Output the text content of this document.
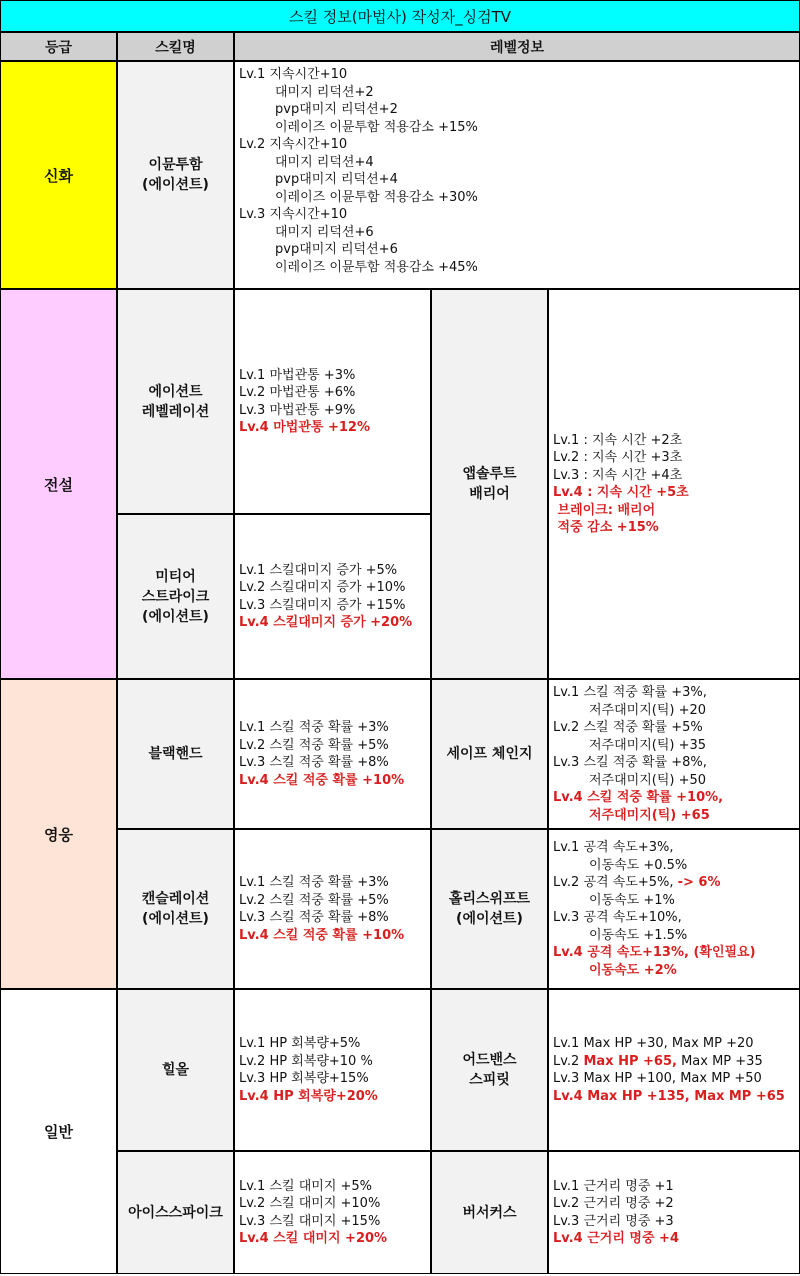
스킬 정보(마법사) 작성자_싱검TV
등급	스킬명	레벨정보
신화
전설
영웅
일반
이뮨투함
(에이션트)
Lv.1 지속시간+10
대미지 리덕션+2
pvp대미지 리덕션+2
이레이즈 이뮨투함 적용감소 +15%
Lv.2 지속시간+10
대미지 리덕션+4
pvp대미지 리덕션+4
이레이즈 이뮨투함 적용감소 +30%
Lv.3 지속시간+10
대미지 리덕션+6
pvp대미지 리덕션+6
이레이즈 이뮨투함 적용감소 +45%
에이션트
레벨레이션
Lv.1 마법관통 +3%
Lv.2 마법관통 +6%
Lv.3 마법관통 +9%
Lv.4 마법관통 +12%
앱솔루트
배리어
Lv.1 : 지속 시간 +2초
Lv.2 : 지속 시간 +3초
Lv.3 : 지속 시간 +4초
Lv.4 : 지속 시간 +5초
브레이크: 배리어
적중 감소 +15%
미티어
스트라이크
(에이션트)
Lv.1 스킬대미지 증가 +5%
Lv.2 스킬대미지 증가 +10%
Lv.3 스킬대미지 증가 +15%
Lv.4 스킬대미지 증가 +20%
블랙핸드
Lv.1 스킬 적중 확률 +3%
Lv.2 스킬 적중 확률 +5%
Lv.3 스킬 적중 확률 +8%
Lv.4 스킬 적중 확률 +10%
세이프 체인지
Lv.1 스킬 적중 확률 +3%,
저주대미지(틱) +20
Lv.2 스킬 적중 확률 +5%
저주대미지(틱) +35
Lv.3 스킬 적중 확률 +8%,
저주대미지(틱) +50
Lv.4 스킬 적중 확률 +10%,
저주대미지(틱) +65
캔슬레이션
(에이션트)
Lv.1 스킬 적중 확률 +3%
Lv.2 스킬 적중 확률 +5%
Lv.3 스킬 적중 확률 +8%
Lv.4 스킬 적중 확률 +10%
홀리스위프트
(에이션트)
Lv.1 공격 속도+3%,
이동속도 +0.5%
Lv.2 공격 속도+5%, -> 6%
이동속도 +1%
Lv.3 공격 속도+10%,
이동속도 +1.5%
Lv.4 공격 속도+13%, (확인필요)
이동속도 +2%
힐올
Lv.1 HP 회복량+5%
Lv.2 HP 회복량+10 %
Lv.3 HP 회복량+15%
Lv.4 HP 회복량+20%
어드밴스
스피릿
Lv.1 Max HP +30, Max MP +20
Lv.2 Max HP +65, Max MP +35
Lv.3 Max HP +100, Max MP +50
Lv.4 Max HP +135, Max MP +65
아이스스파이크
Lv.1 스킬 대미지 +5%
Lv.2 스킬 대미지 +10%
Lv.3 스킬 대미지 +15%
Lv.4 스킬 대미지 +20%
버서커스
Lv.1 근거리 명중 +1
Lv.2 근거리 명중 +2
Lv.3 근거리 명중 +3
Lv.4 근거리 명중 +4
